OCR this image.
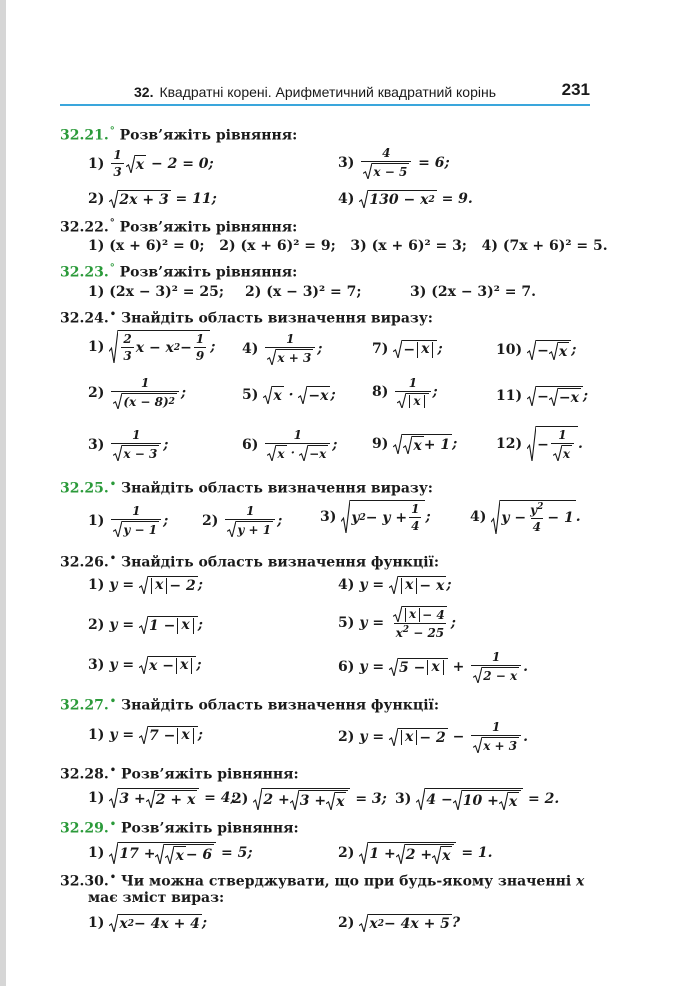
32. Квадратні корені. Арифметичний квадратний корінь	231
32.21.° Розв’яжіть рівняння:
$1) \frac{1}{3}$ x − 2 = 0;	$3) \frac{4}{x - 5} = 6$;
2) 2x + 3 = 11;	4) 130 − x 2 = 9.
32.22.° Розв’яжіть рівняння:
1) (x + 6)² = 0;
2) (x + 6)² = 9;
3) (x + 6)² = 3;
4) (7x + 6)² = 5.
32.23.° Розв’яжіть рівняння:
1) (2x − 3)² = 25; 2) (x − 3)² = 7;	3) (2x − 3)² = 7.
32.24.• Знайдіть область визначення виразу:
$1) \frac{2}{3}$ x − x $2 - \frac{1}{9}$ ; $4) \frac{1}{x + 3}$ ;	7) − x ;	10) − x ;
$2) \frac{1}{(x - 8) 2}$ ;	5) x · −x ;	$8) \frac{1}{x}$ ;	11) − −x ;
$3) \frac{1}{x - 3}$ ;	$6) \frac{1}{x \cdot -x}$ ; 9) x + 1 ;	$12) - \frac{1}{x}$ .
32.25.• Знайдіть область визначення виразу:
$1) \frac{1}{y - 1}$ ; $2) \frac{1}{y + 1}$ ;	3) y $2 - y + \frac{1}{4}$ ;	4) $y - \frac{y^2}{4} - 1$ .
32.26.• Знайдіть область визначення функції:
1) y = x − 2 ;	4) y = x − x ;
2) y = 1 − x ;	5) $y = \frac{x - 4}{x^2 - 25}$ ;
3) y = x − x ;	6) $y = 5 - x + \frac{1}{2 - x}$ .
32.27.• Знайдіть область визначення функції:
1) y = 7 − x ;	2) $y = x - 2 - \frac{1}{x + 3}$ .
32.28.• Розв’яжіть рівняння:
1) 3 + 2 + x = 4;
2) 2 + 3 + x = 3; 3) 4 − 10 + x = 2.
32.29.• Розв’яжіть рівняння:
1) 17 + x − 6 = 5;	2) 1 + 2 + x = 1.
32.30.• Чи можна стверджувати, що при будь-якому значенні x
має зміст вираз:
1) x 2 − 4x + 4 ;	2) x 2 − 4x + 5 ?
